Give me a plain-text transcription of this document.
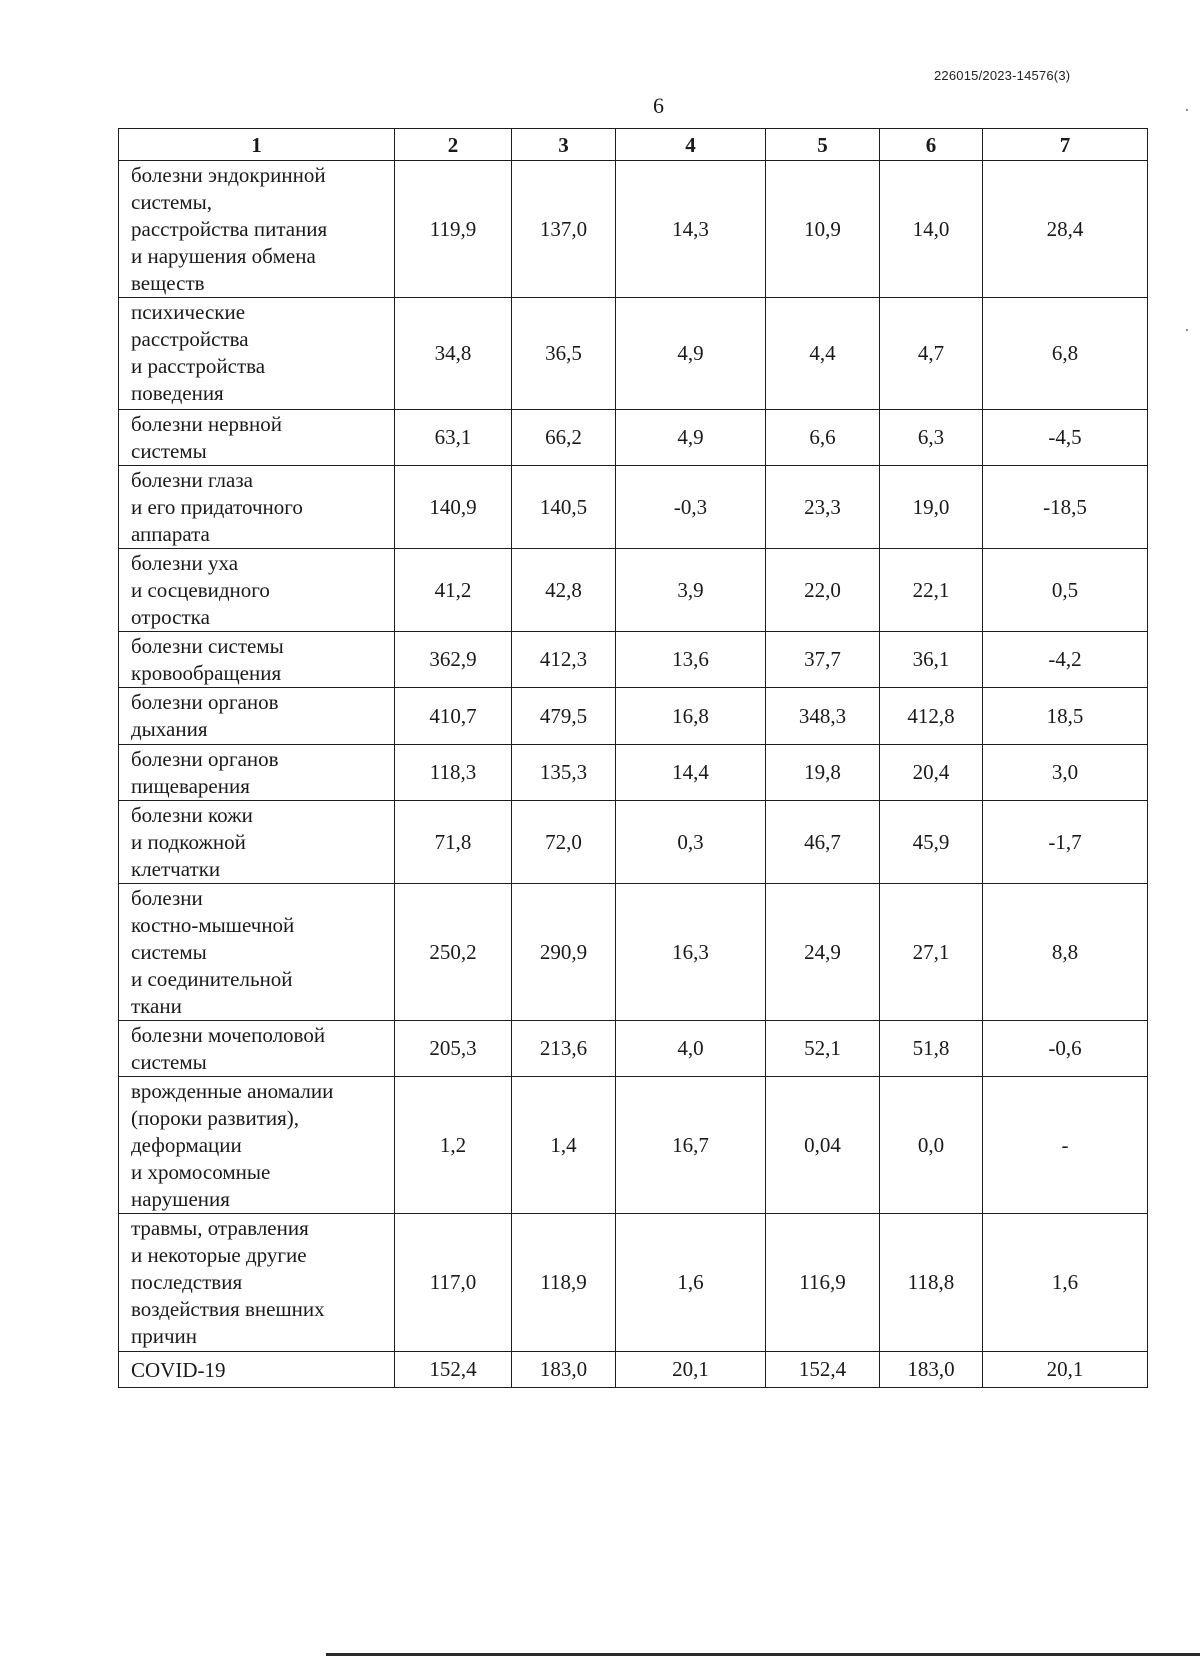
226015/2023-14576(3)
6
1	2	3	4	5	6	7

болезни эндокринной
системы,
расстройства питания
и нарушения обмена
веществ	119,9	137,0	14,3	10,9	14,0	28,4

психические
расстройства
и расстройства
поведения	34,8	36,5	4,9	4,4	4,7	6,8

болезни нервной
системы	63,1	66,2	4,9	6,6	6,3	-4,5

болезни глаза
и его придаточного
аппарата	140,9	140,5	-0,3	23,3	19,0	-18,5

болезни уха
и сосцевидного
отростка	41,2	42,8	3,9	22,0	22,1	0,5

болезни системы
кровообращения	362,9	412,3	13,6	37,7	36,1	-4,2

болезни органов
дыхания	410,7	479,5	16,8	348,3	412,8	18,5

болезни органов
пищеварения	118,3	135,3	14,4	19,8	20,4	3,0

болезни кожи
и подкожной
клетчатки	71,8	72,0	0,3	46,7	45,9	-1,7

болезни
костно-мышечной
системы
и соединительной
ткани	250,2	290,9	16,3	24,9	27,1	8,8

болезни мочеполовой
системы	205,3	213,6	4,0	52,1	51,8	-0,6

врожденные аномалии
(пороки развития),
деформации
и хромосомные
нарушения	1,2	1,4	16,7	0,04	0,0	-

травмы, отравления
и некоторые другие
последствия
воздействия внешних
причин	117,0	118,9	1,6	116,9	118,8	1,6

COVID-19	152,4	183,0	20,1	152,4	183,0	20,1
